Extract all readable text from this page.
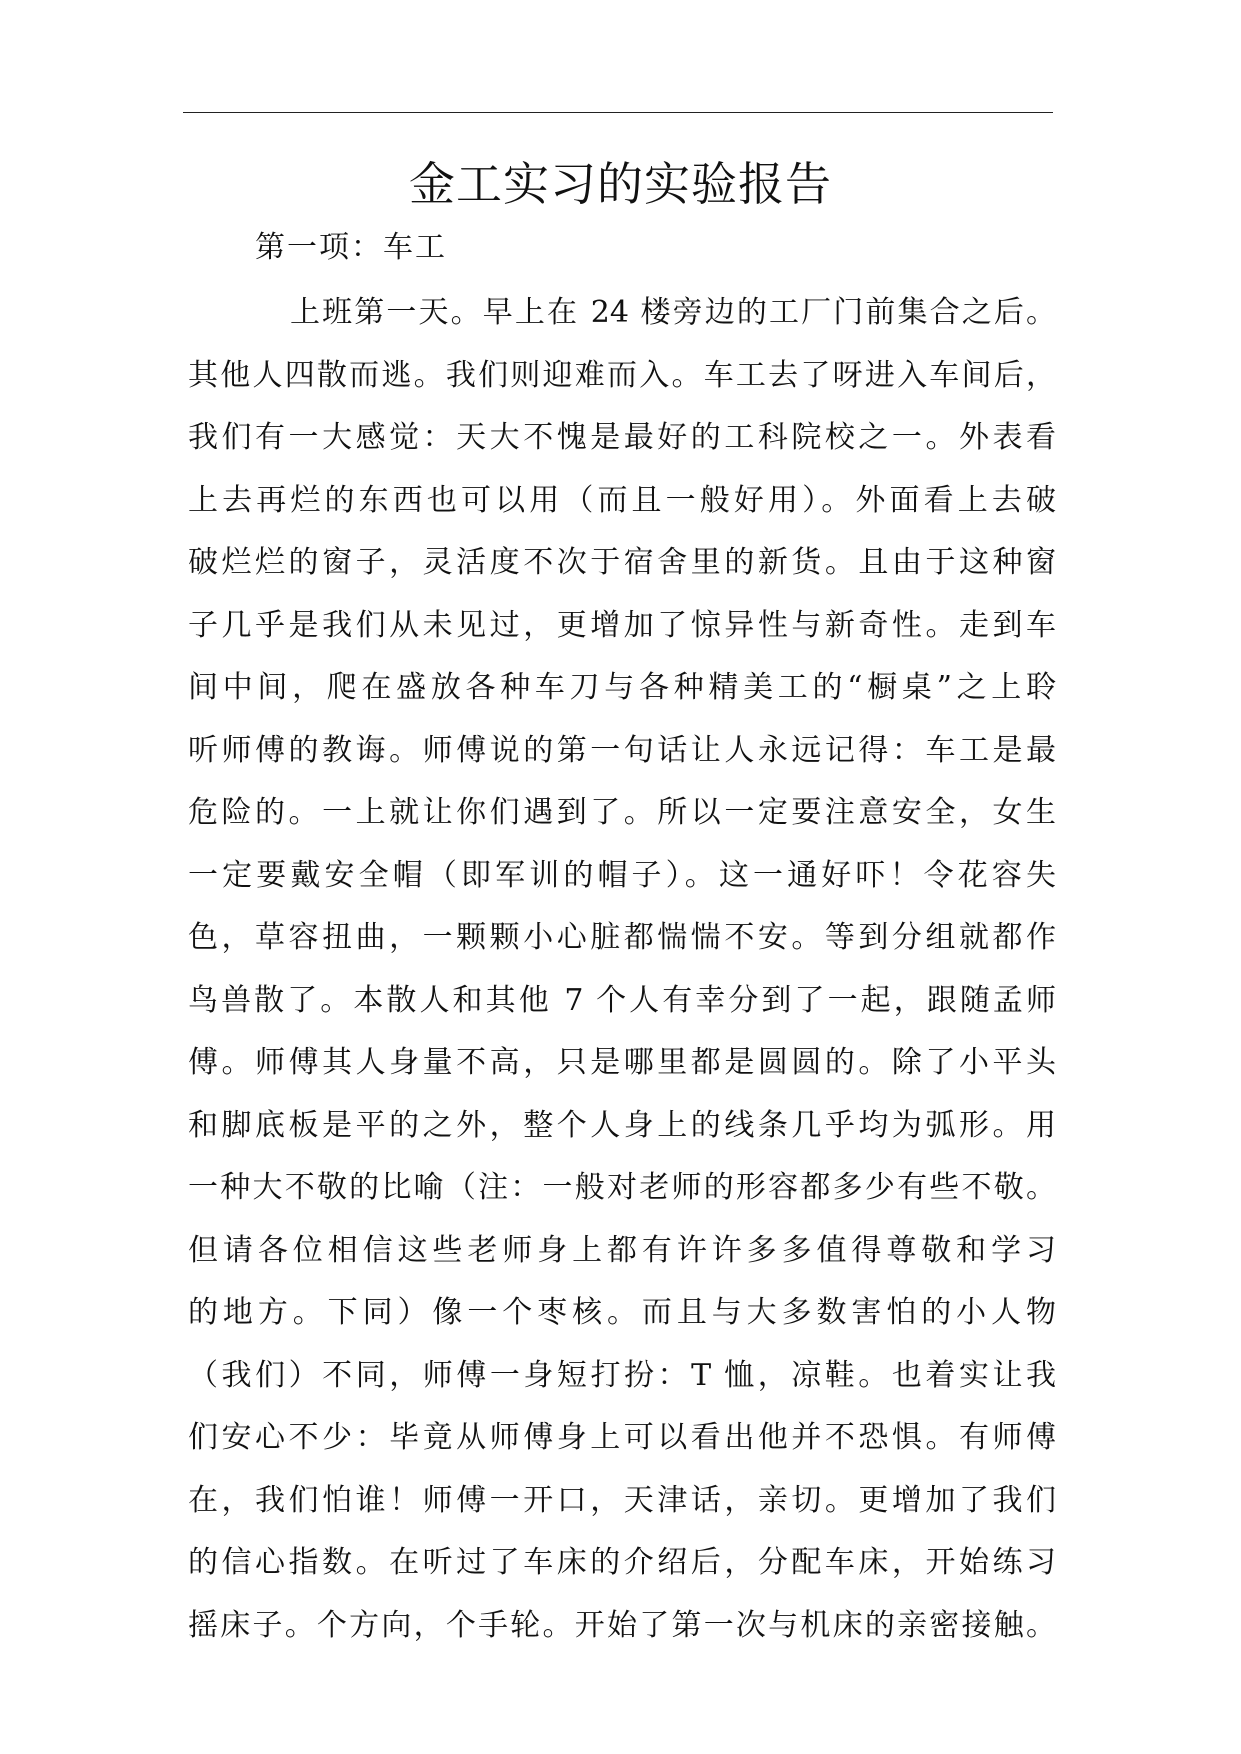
金工实习的实验报告
第一项：车工
上班第一天。早上在 24 楼旁边的工厂门前集合之后。
其他人四散而逃。我们则迎难而入。车工去了呀进入车间后，
我们有一大感觉：天大不愧是最好的工科院校之一。外表看
上去再烂的东西也可以用（而且一般好用）。外面看上去破
破烂烂的窗子，灵活度不次于宿舍里的新货。且由于这种窗
子几乎是我们从未见过，更增加了惊异性与新奇性。走到车
间中间，爬在盛放各种车刀与各种精美工的“橱桌”之上聆
听师傅的教诲。师傅说的第一句话让人永远记得：车工是最
危险的。一上就让你们遇到了。所以一定要注意安全，女生
一定要戴安全帽（即军训的帽子）。这一通好吓！令花容失
色，草容扭曲，一颗颗小心脏都惴惴不安。等到分组就都作
鸟兽散了。本散人和其他 7 个人有幸分到了一起，跟随孟师
傅。师傅其人身量不高，只是哪里都是圆圆的。除了小平头
和脚底板是平的之外，整个人身上的线条几乎均为弧形。用
一种大不敬的比喻（注：一般对老师的形容都多少有些不敬。
但请各位相信这些老师身上都有许许多多值得尊敬和学习
的地方。下同）像一个枣核。而且与大多数害怕的小人物
（我们）不同，师傅一身短打扮：T 恤，凉鞋。也着实让我
们安心不少：毕竟从师傅身上可以看出他并不恐惧。有师傅
在，我们怕谁！师傅一开口，天津话，亲切。更增加了我们
的信心指数。在听过了车床的介绍后，分配车床，开始练习
摇床子。个方向，个手轮。开始了第一次与机床的亲密接触。
